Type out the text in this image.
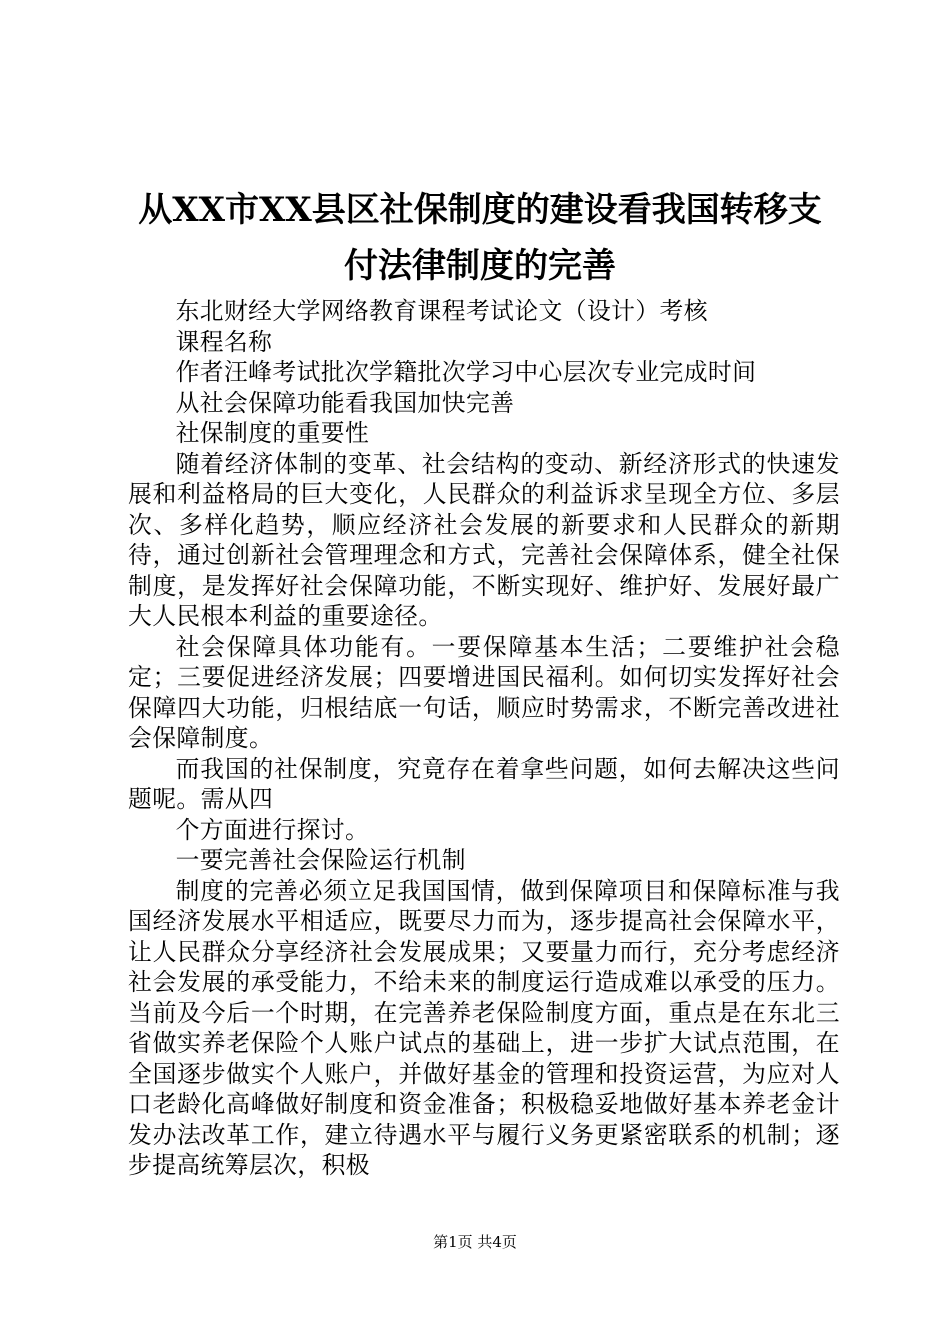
从XX市XX县区社保制度的建设看我国转移支
付法律制度的完善

东北财经大学网络教育课程考试论文（设计）考核

课程名称

作者汪峰考试批次学籍批次学习中心层次专业完成时间

从社会保障功能看我国加快完善

社保制度的重要性

随着经济体制的变革、社会结构的变动、新经济形式的快速发展和利益格局的巨大变化，人民群众的利益诉求呈现全方位、多层次、多样化趋势，顺应经济社会发展的新要求和人民群众的新期待，通过创新社会管理理念和方式，完善社会保障体系，健全社保制度，是发挥好社会保障功能，不断实现好、维护好、发展好最广大人民根本利益的重要途径。

社会保障具体功能有。一要保障基本生活；二要维护社会稳定；三要促进经济发展；四要增进国民福利。如何切实发挥好社会保障四大功能，归根结底一句话，顺应时势需求，不断完善改进社会保障制度。

而我国的社保制度，究竟存在着拿些问题，如何去解决这些问题呢。需从四

个方面进行探讨。

一要完善社会保险运行机制

制度的完善必须立足我国国情，做到保障项目和保障标准与我国经济发展水平相适应，既要尽力而为，逐步提高社会保障水平，让人民群众分享经济社会发展成果；又要量力而行，充分考虑经济社会发展的承受能力，不给未来的制度运行造成难以承受的压力。当前及今后一个时期，在完善养老保险制度方面，重点是在东北三省做实养老保险个人账户试点的基础上，进一步扩大试点范围，在全国逐步做实个人账户，并做好基金的管理和投资运营，为应对人口老龄化高峰做好制度和资金准备；积极稳妥地做好基本养老金计发办法改革工作，建立待遇水平与履行义务更紧密联系的机制；逐步提高统筹层次，积极

第1页 共4页
